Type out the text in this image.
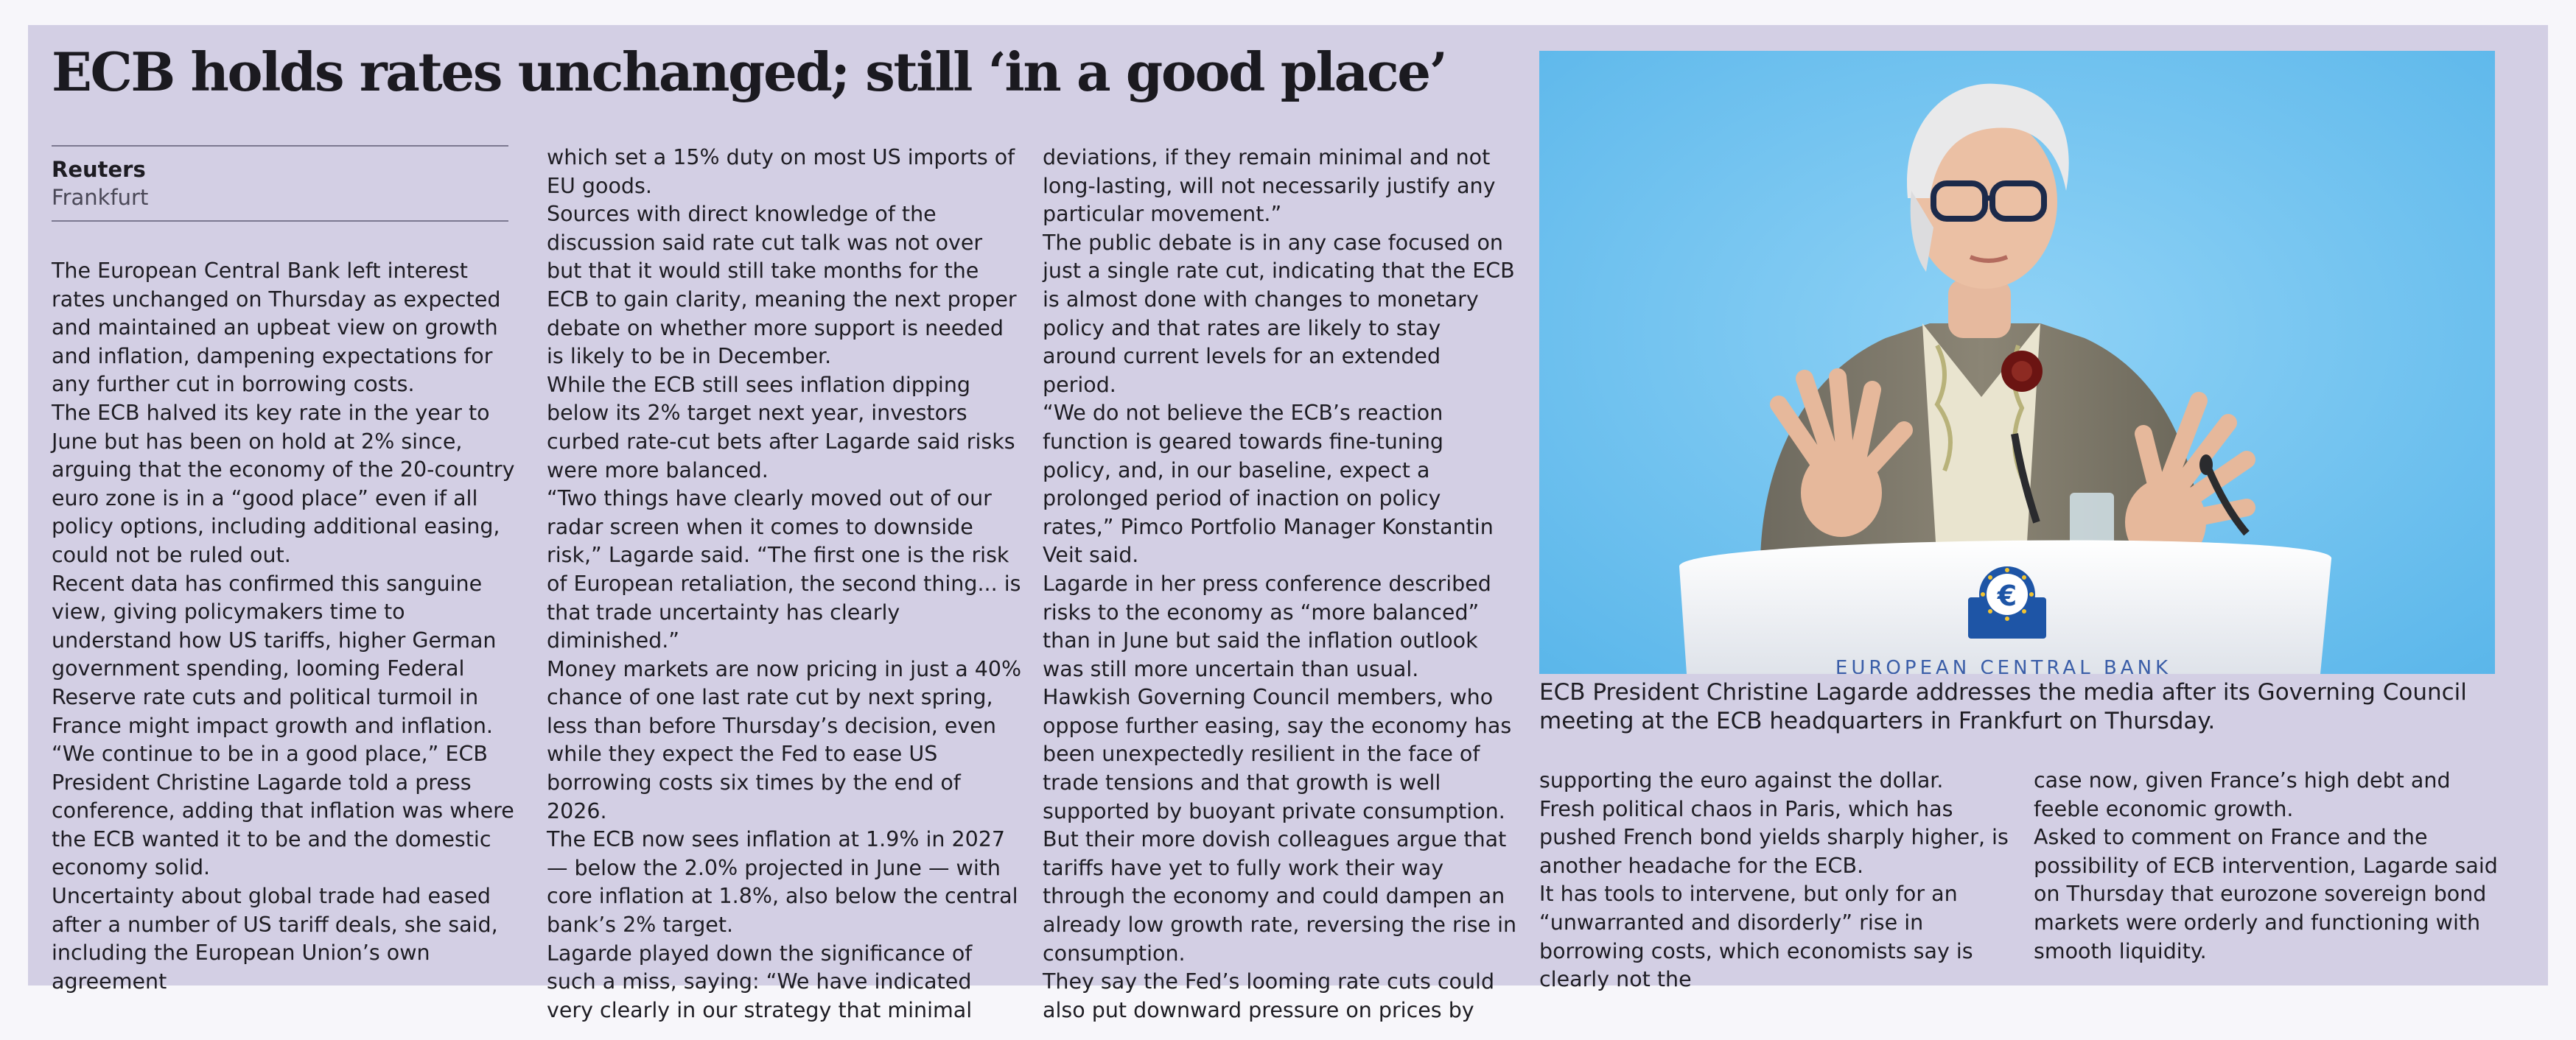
ECB holds rates unchanged; still ‘in a good place’
Reuters
Frankfurt

The European Central Bank left interest rates unchanged on Thursday as expected and maintained an upbeat view on growth and inflation, dampening expectations for any further cut in borrowing costs.

The ECB halved its key rate in the year to June but has been on hold at 2% since, arguing that the economy of the 20-country euro zone is in a “good place” even if all policy options, including additional easing, could not be ruled out.

Recent data has confirmed this sanguine view, giving policymakers time to understand how US tariffs, higher German government spending, looming Federal Reserve rate cuts and political turmoil in France might impact growth and inflation.

“We continue to be in a good place,” ECB President Christine Lagarde told a press conference, adding that inflation was where the ECB wanted it to be and the domestic economy solid.

Uncertainty about global trade had eased after a number of US tariff deals, she said, including the European Union’s own agreement

which set a 15% duty on most US imports of EU goods.

Sources with direct knowledge of the discussion said rate cut talk was not over but that it would still take months for the ECB to gain clarity, meaning the next proper debate on whether more support is needed is likely to be in December.

While the ECB still sees inflation dipping below its 2% target next year, investors curbed rate-cut bets after Lagarde said risks were more balanced.

“Two things have clearly moved out of our radar screen when it comes to downside risk,” Lagarde said. “The first one is the risk of European retaliation, the second thing... is that trade uncertainty has clearly diminished.”

Money markets are now pricing in just a 40% chance of one last rate cut by next spring, less than before Thursday’s decision, even while they expect the Fed to ease US borrowing costs six times by the end of 2026.

The ECB now sees inflation at 1.9% in 2027 — below the 2.0% projected in June — with core inflation at 1.8%, also below the central bank’s 2% target.

Lagarde played down the significance of such a miss, saying: “We have indicated very clearly in our strategy that minimal

deviations, if they remain minimal and not long-lasting, will not necessarily justify any particular movement.”

The public debate is in any case focused on just a single rate cut, indicating that the ECB is almost done with changes to monetary policy and that rates are likely to stay around current levels for an extended period.

“We do not believe the ECB’s reaction function is geared towards fine-tuning policy, and, in our baseline, expect a prolonged period of inaction on policy rates,” Pimco Portfolio Manager Konstantin Veit said.

Lagarde in her press conference described risks to the economy as “more balanced” than in June but said the inflation outlook was still more uncertain than usual.

Hawkish Governing Council members, who oppose further easing, say the economy has been unexpectedly resilient in the face of trade tensions and that growth is well supported by buoyant private consumption.

But their more dovish colleagues argue that tariffs have yet to fully work their way through the economy and could dampen an already low growth rate, reversing the rise in consumption.

They say the Fed’s looming rate cuts could also put downward pressure on prices by

€
EUROPEAN CENTRAL BANK
ECB President Christine Lagarde addresses the media after its Governing Council meeting at the ECB headquarters in Frankfurt on Thursday.

supporting the euro against the dollar.

Fresh political chaos in Paris, which has pushed French bond yields sharply higher, is another headache for the ECB.

It has tools to intervene, but only for an “unwarranted and disorderly” rise in borrowing costs, which economists say is clearly not the

case now, given France’s high debt and feeble economic growth.

Asked to comment on France and the possibility of ECB intervention, Lagarde said on Thursday that eurozone sovereign bond markets were orderly and functioning with smooth liquidity.
